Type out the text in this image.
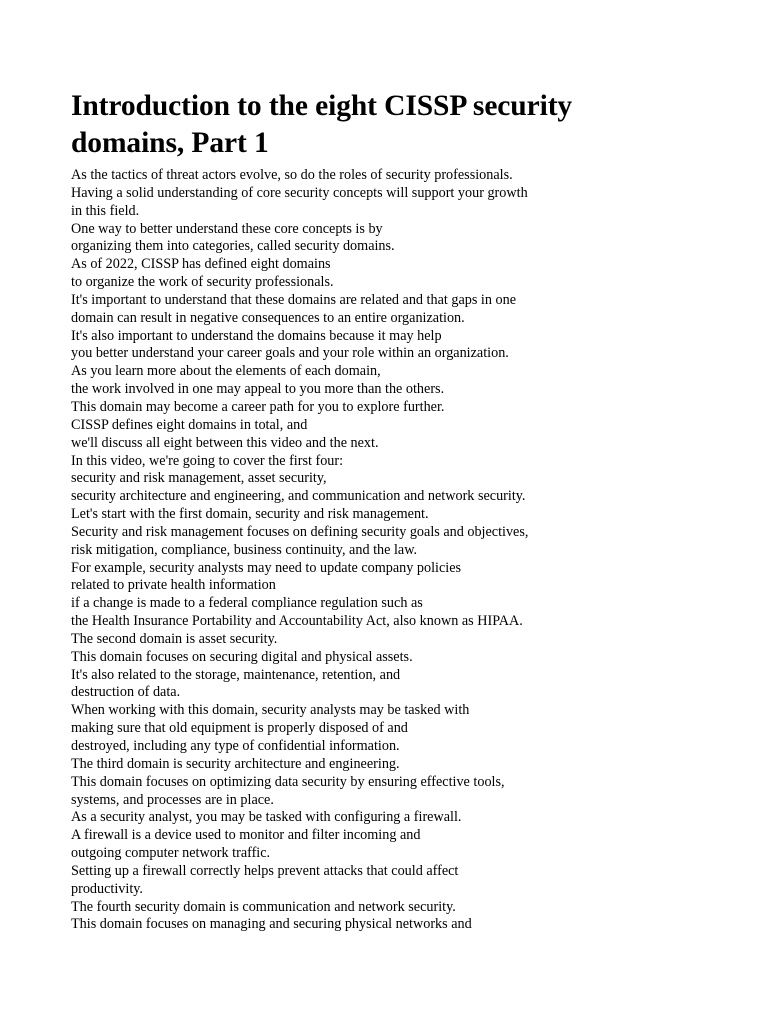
Introduction to the eight CISSP security
domains, Part 1
As the tactics of threat actors evolve, so do the roles of security professionals.
Having a solid understanding of core security concepts will support your growth
in this field.
One way to better understand these core concepts is by
organizing them into categories, called security domains.
As of 2022, CISSP has defined eight domains
to organize the work of security professionals.
It's important to understand that these domains are related and that gaps in one
domain can result in negative consequences to an entire organization.
It's also important to understand the domains because it may help
you better understand your career goals and your role within an organization.
As you learn more about the elements of each domain,
the work involved in one may appeal to you more than the others.
This domain may become a career path for you to explore further.
CISSP defines eight domains in total, and
we'll discuss all eight between this video and the next.
In this video, we're going to cover the first four:
security and risk management, asset security,
security architecture and engineering, and communication and network security.
Let's start with the first domain, security and risk management.
Security and risk management focuses on defining security goals and objectives,
risk mitigation, compliance, business continuity, and the law.
For example, security analysts may need to update company policies
related to private health information
if a change is made to a federal compliance regulation such as
the Health Insurance Portability and Accountability Act, also known as HIPAA.
The second domain is asset security.
This domain focuses on securing digital and physical assets.
It's also related to the storage, maintenance, retention, and
destruction of data.
When working with this domain, security analysts may be tasked with
making sure that old equipment is properly disposed of and
destroyed, including any type of confidential information.
The third domain is security architecture and engineering.
This domain focuses on optimizing data security by ensuring effective tools,
systems, and processes are in place.
As a security analyst, you may be tasked with configuring a firewall.
A firewall is a device used to monitor and filter incoming and
outgoing computer network traffic.
Setting up a firewall correctly helps prevent attacks that could affect
productivity.
The fourth security domain is communication and network security.
This domain focuses on managing and securing physical networks and
